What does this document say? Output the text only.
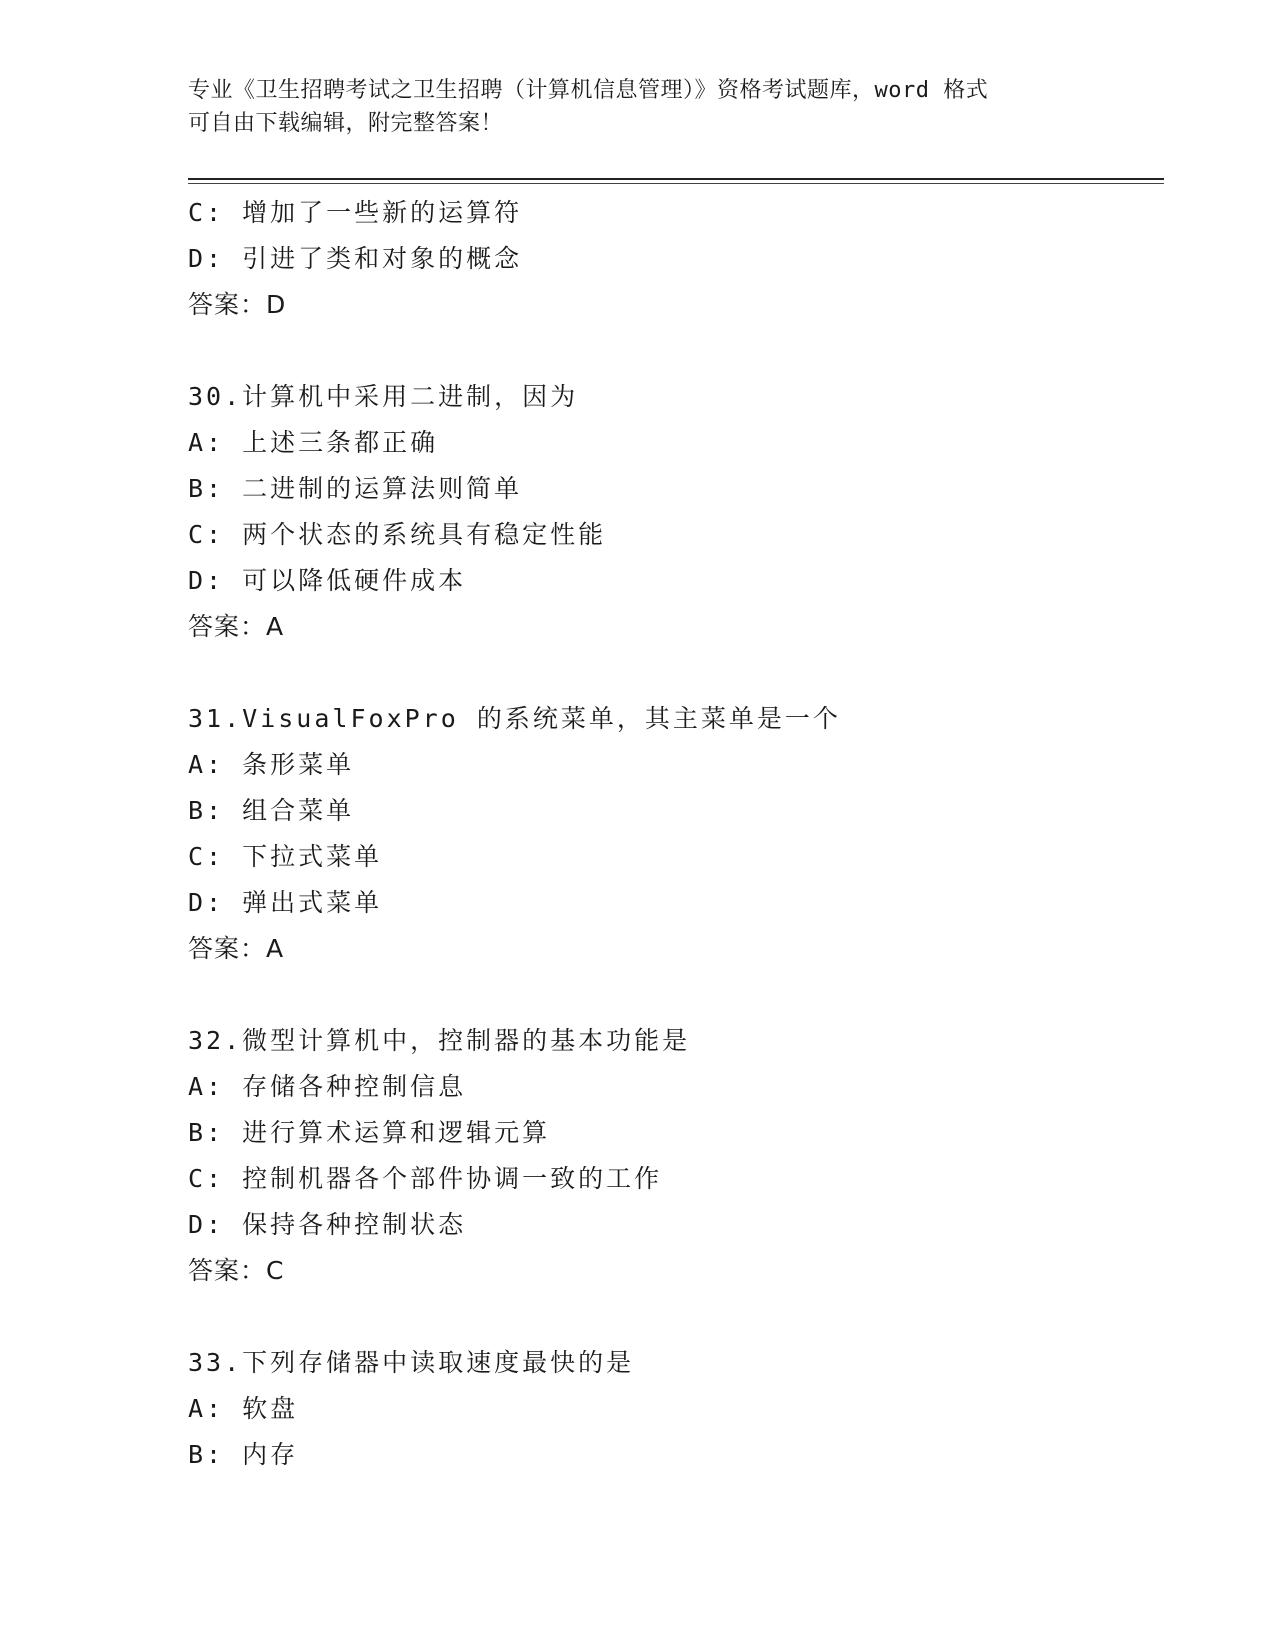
专业《卫生招聘考试之卫生招聘（计算机信息管理）》资格考试题库，word 格式
可自由下载编辑，附完整答案！
C: 增加了一些新的运算符
D: 引进了类和对象的概念
答案：D
30.计算机中采用二进制，因为
A: 上述三条都正确
B: 二进制的运算法则简单
C: 两个状态的系统具有稳定性能
D: 可以降低硬件成本
答案：A
31.VisualFoxPro 的系统菜单，其主菜单是一个
A: 条形菜单
B: 组合菜单
C: 下拉式菜单
D: 弹出式菜单
答案：A
32.微型计算机中，控制器的基本功能是
A: 存储各种控制信息
B: 进行算术运算和逻辑元算
C: 控制机器各个部件协调一致的工作
D: 保持各种控制状态
答案：C
33.下列存储器中读取速度最快的是
A: 软盘
B: 内存
